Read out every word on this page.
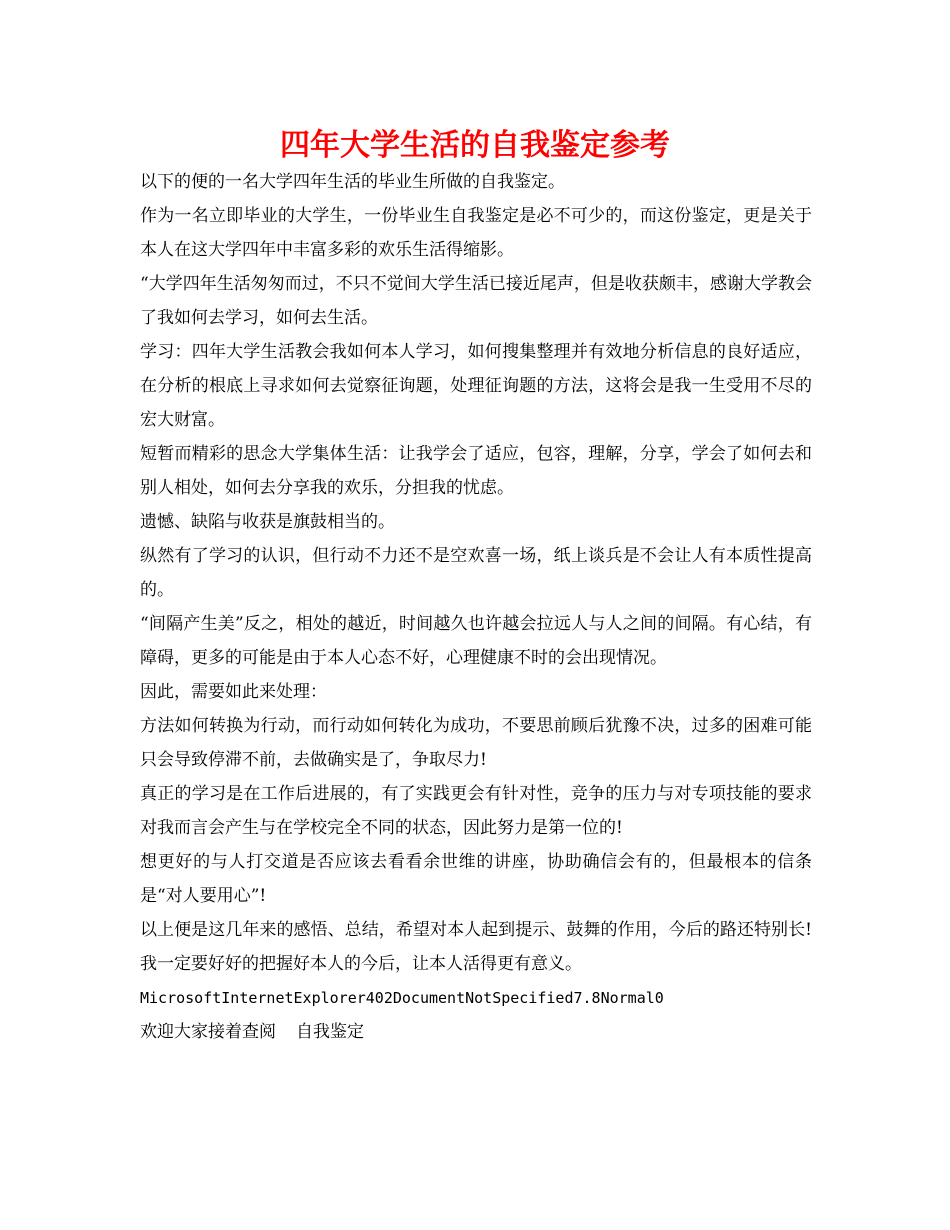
四年大学生活的自我鉴定参考

以下的便的一名大学四年生活的毕业生所做的自我鉴定。

作为一名立即毕业的大学生，一份毕业生自我鉴定是必不可少的，而这份鉴定，更是关于本人在这大学四年中丰富多彩的欢乐生活得缩影。

“大学四年生活匆匆而过，不只不觉间大学生活已接近尾声，但是收获颇丰，感谢大学教会了我如何去学习，如何去生活。

学习：四年大学生活教会我如何本人学习，如何搜集整理并有效地分析信息的良好适应，在分析的根底上寻求如何去觉察征询题，处理征询题的方法，这将会是我一生受用不尽的宏大财富。

短暂而精彩的思念大学集体生活：让我学会了适应，包容，理解，分享，学会了如何去和别人相处，如何去分享我的欢乐，分担我的忧虑。

遗憾、缺陷与收获是旗鼓相当的。

纵然有了学习的认识，但行动不力还不是空欢喜一场，纸上谈兵是不会让人有本质性提高的。

“间隔产生美”反之，相处的越近，时间越久也许越会拉远人与人之间的间隔。有心结，有障碍，更多的可能是由于本人心态不好，心理健康不时的会出现情况。

因此，需要如此来处理：

方法如何转换为行动，而行动如何转化为成功，不要思前顾后犹豫不决，过多的困难可能只会导致停滞不前，去做确实是了，争取尽力!

真正的学习是在工作后进展的，有了实践更会有针对性，竞争的压力与对专项技能的要求对我而言会产生与在学校完全不同的状态，因此努力是第一位的!

想更好的与人打交道是否应该去看看余世维的讲座，协助确信会有的，但最根本的信条是“对人要用心”!

以上便是这几年来的感悟、总结，希望对本人起到提示、鼓舞的作用，今后的路还特别长!我一定要好好的把握好本人的今后，让本人活得更有意义。

MicrosoftInternetExplorer402DocumentNotSpecified7.8Normal0

欢迎大家接着查阅 自我鉴定
